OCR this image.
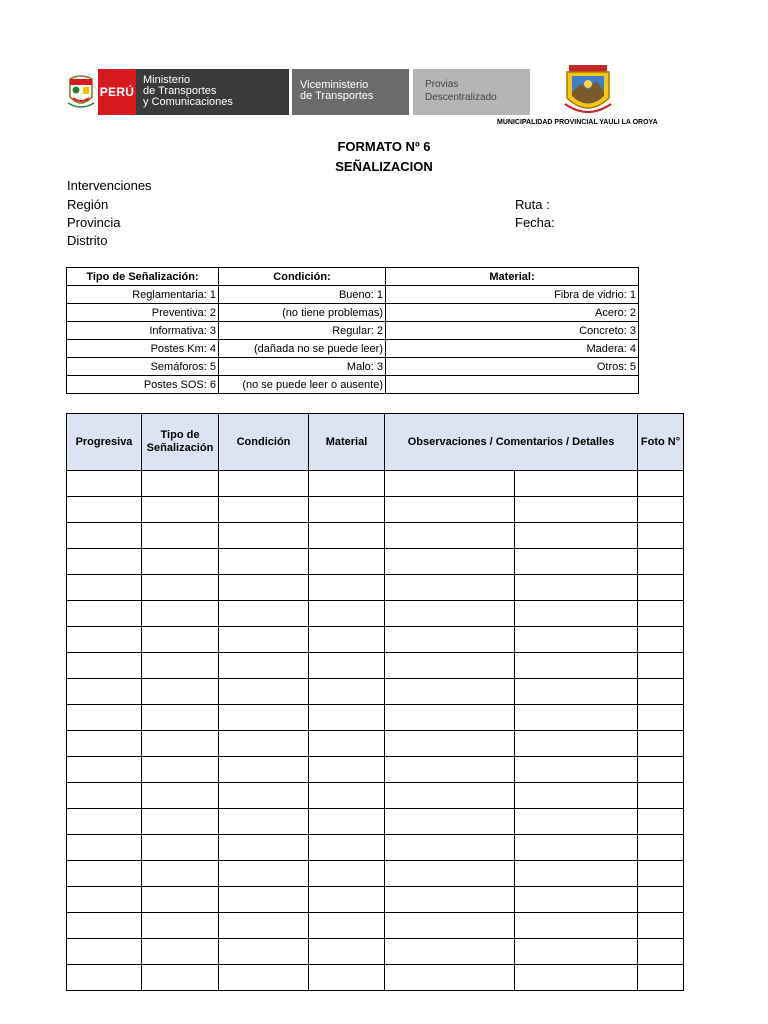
PERÚ
Ministerio
de Transportes
y Comunicaciones
Viceministerio
de Transportes
Provias
Descentralizado
MUNICIPALIDAD PROVINCIAL YAULI LA OROYA
FORMATO Nº 6
SEÑALIZACION
Intervenciones
Región
Provincia
Distrito
Ruta :
Fecha:
Tipo de Señalización:	Condición:	Material:
Reglamentaria: 1	Bueno: 1	Fibra de vidrio: 1
Preventiva: 2	(no tiene problemas)	Acero: 2
Informativa: 3	Regular: 2	Concreto: 3
Postes Km: 4	(dañada no se puede leer)	Madera: 4
Semáforos: 5	Malo: 3	Otros: 5
Postes SOS: 6	(no se puede leer o ausente)	
Progresiva	Tipo de Señalización	Condición	Material	Observaciones / Comentarios / Detalles		Foto N°
